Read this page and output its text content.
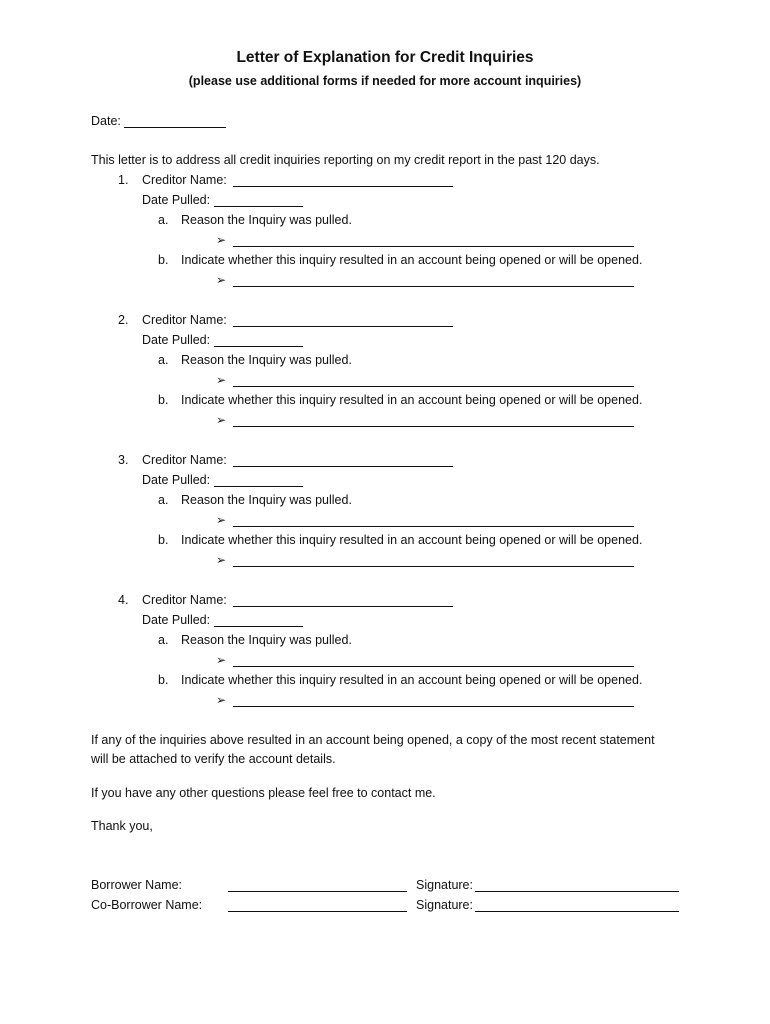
Letter of Explanation for Credit Inquiries
(please use additional forms if needed for more account inquiries)
Date:
This letter is to address all credit inquiries reporting on my credit report in the past 120 days.
1. Creditor Name:
Date Pulled:
a. Reason the Inquiry was pulled.
➢
b. Indicate whether this inquiry resulted in an account being opened or will be opened.
➢
2. Creditor Name:
Date Pulled:
a. Reason the Inquiry was pulled.
➢
b. Indicate whether this inquiry resulted in an account being opened or will be opened.
➢
3. Creditor Name:
Date Pulled:
a. Reason the Inquiry was pulled.
➢
b. Indicate whether this inquiry resulted in an account being opened or will be opened.
➢
4. Creditor Name:
Date Pulled:
a. Reason the Inquiry was pulled.
➢
b. Indicate whether this inquiry resulted in an account being opened or will be opened.
➢
If any of the inquiries above resulted in an account being opened, a copy of the most recent statement
will be attached to verify the account details.
If you have any other questions please feel free to contact me.
Thank you,
Borrower Name:	Signature:
Co-Borrower Name:	Signature:
